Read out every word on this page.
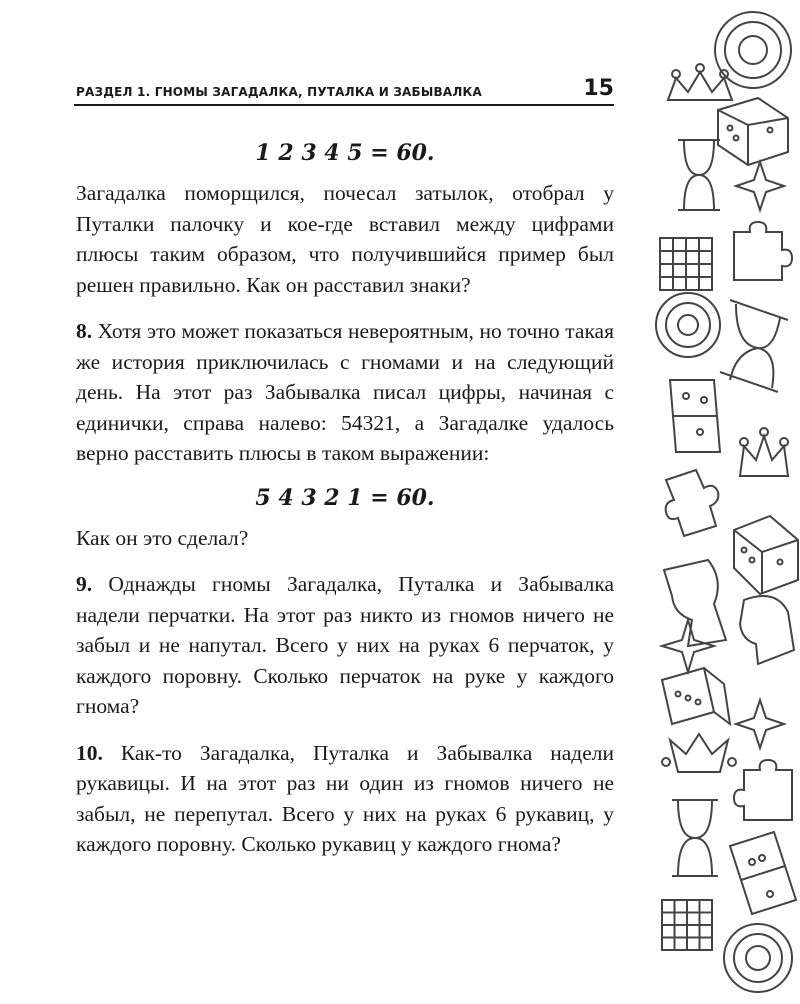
РАЗДЕЛ 1. ГНОМЫ ЗАГАДАЛКА, ПУТАЛКА И ЗАБЫВАЛКА	15

1 2 3 4 5 = 60.

Загадалка поморщился, почесал затылок, отобрал у Путалки палочку и кое-где вставил между цифрами плюсы таким образом, что получившийся пример был решен правильно. Как он расставил знаки?

8. Хотя это может показаться невероятным, но точно такая же история приключилась с гномами и на следующий день. На этот раз Забывалка писал цифры, начиная с единички, справа налево: 54321, а Загадалке удалось верно расставить плюсы в таком выражении:

5 4 3 2 1 = 60.

Как он это сделал?

9. Однажды гномы Загадалка, Путалка и Забывалка надели перчатки. На этот раз никто из гномов ничего не забыл и не напутал. Всего у них на руках 6 перчаток, у каждого поровну. Сколько перчаток на руке у каждого гнома?

10. Как-то Загадалка, Путалка и Забывалка надели рукавицы. И на этот раз ни один из гномов ничего не забыл, не перепутал. Всего у них на руках 6 рукавиц, у каждого поровну. Сколько рукавиц у каждого гнома?
